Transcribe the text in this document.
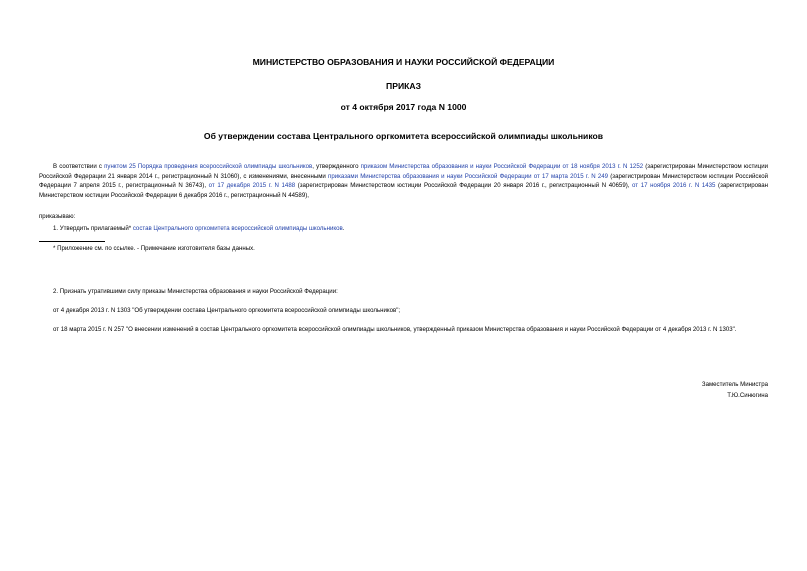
МИНИСТЕРСТВО ОБРАЗОВАНИЯ И НАУКИ РОССИЙСКОЙ ФЕДЕРАЦИИ
ПРИКАЗ
от 4 октября 2017 года N 1000
Об утверждении состава Центрального оргкомитета всероссийской олимпиады школьников
В соответствии с пунктом 25 Порядка проведения всероссийской олимпиады школьников, утвержденного приказом Министерства образования и науки Российской Федерации от 18 ноября 2013 г. N 1252 (зарегистрирован Министерством юстиции Российской Федерации 21 января 2014 г., регистрационный N 31060), с изменениями, внесенными приказами Министерства образования и науки Российской Федерации от 17 марта 2015 г. N 249 (зарегистрирован Министерством юстиции Российской Федерации 7 апреля 2015 г., регистрационный N 36743), от 17 декабря 2015 г. N 1488 (зарегистрирован Министерством юстиции Российской Федерации 20 января 2016 г., регистрационный N 40659), от 17 ноября 2016 г. N 1435 (зарегистрирован Министерством юстиции Российской Федерации 6 декабря 2016 г., регистрационный N 44589),
приказываю:
1. Утвердить прилагаемый* состав Центрального оргкомитета всероссийской олимпиады школьников.
* Приложение см. по ссылке. - Примечание изготовителя базы данных.
2. Признать утратившими силу приказы Министерства образования и науки Российской Федерации:
от 4 декабря 2013 г. N 1303 "Об утверждении состава Центрального оргкомитета всероссийской олимпиады школьников";
от 18 марта 2015 г. N 257 "О внесении изменений в состав Центрального оргкомитета всероссийской олимпиады школьников, утвержденный приказом Министерства образования и науки Российской Федерации от 4 декабря 2013 г. N 1303".
Заместитель Министра
Т.Ю.Синюгина
